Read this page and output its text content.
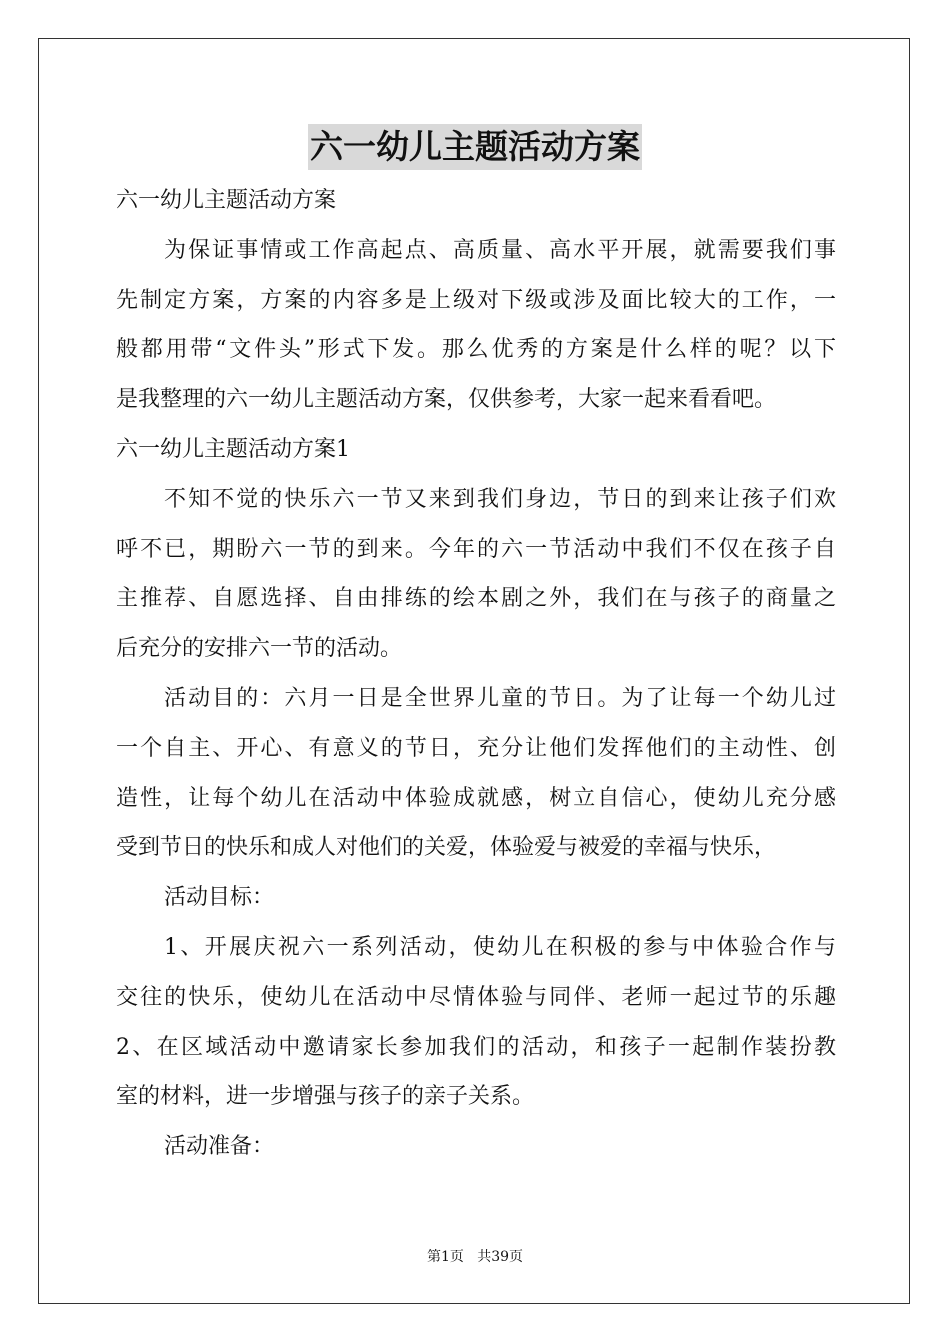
六一幼儿主题活动方案
六一幼儿主题活动方案
为保证事情或工作高起点、高质量、高水平开展，就需要我们事
先制定方案，方案的内容多是上级对下级或涉及面比较大的工作，一
般都用带“文件头”形式下发。那么优秀的方案是什么样的呢？以下
是我整理的六一幼儿主题活动方案，仅供参考，大家一起来看看吧。
六一幼儿主题活动方案1
不知不觉的快乐六一节又来到我们身边，节日的到来让孩子们欢
呼不已，期盼六一节的到来。今年的六一节活动中我们不仅在孩子自
主推荐、自愿选择、自由排练的绘本剧之外，我们在与孩子的商量之
后充分的安排六一节的活动。
活动目的：六月一日是全世界儿童的节日。为了让每一个幼儿过
一个自主、开心、有意义的节日，充分让他们发挥他们的主动性、创
造性，让每个幼儿在活动中体验成就感，树立自信心，使幼儿充分感
受到节日的快乐和成人对他们的关爱，体验爱与被爱的幸福与快乐，
活动目标：
1、开展庆祝六一系列活动，使幼儿在积极的参与中体验合作与
交往的快乐，使幼儿在活动中尽情体验与同伴、老师一起过节的乐趣
2、在区域活动中邀请家长参加我们的活动，和孩子一起制作装扮教
室的材料，进一步增强与孩子的亲子关系。
活动准备：
第1页   共39页
